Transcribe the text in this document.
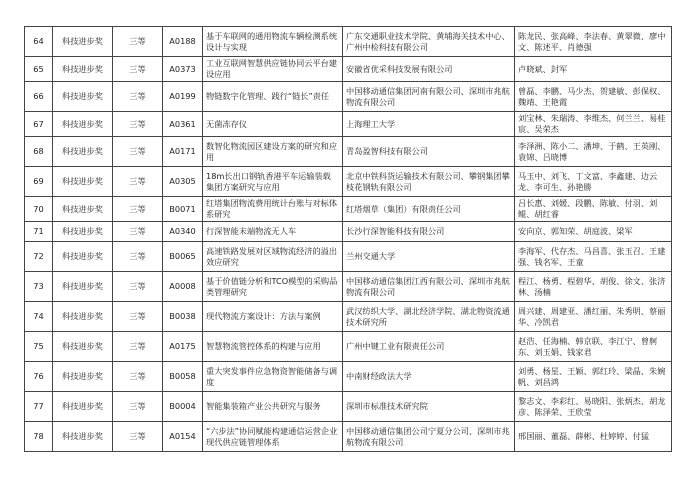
64	科技进步奖	三等	A0188	基于车联网的通用物流车辆检测系统设计与实现	广东交通职业技术学院、黄埔海关技术中心、广州中检科技有限公司	陈龙民、张高峰、李法春、黄翠微、廖中文、陈述平、肖德强
65	科技进步奖	三等	A0373	工业互联网智慧供应链协同云平台建设应用	安徽省优采科技发展有限公司	卢晓斌、封军
66	科技进步奖	三等	A0199	物链数字化管理、践行“链长”责任	中国移动通信集团河南有限公司、深圳市兆航物流有限公司	曾磊、李鹏、马少杰、贺建敏、彭保权、魏靖、王艳霞
67	科技进步奖	三等	A0361	无菌冻存仪	上海理工大学	刘宝林、朱瑞涛、李维杰、何兰兰、易桂宸、吴荣杰
68	科技进步奖	三等	A0171	数智化物流园区建设方案的研究和应用	青岛盈智科技有限公司	李泽洲、陈小二、潘坤、于鹤、王英刚、袁锦、吕晓博
69	科技进步奖	三等	A0305	18m长出口钢轨香港平车运输装载集团方案研究与应用	北京中铁科货运输技术有限公司、攀钢集团攀枝花钢轨有限公司	马玉中、刘飞、丁文富、李鑫建、边云龙、李可生、孙艳勝
70	科技进步奖	三等	B0071	红塔集团物流费用统计台账与对标体系研究	红塔烟草（集团）有限责任公司	吕长惠、刘媛、段鹏、陈敏、付羽、刘鲲、胡红睿
71	科技进步奖	三等	A0340	行深智能末端物流无人车	长沙行深智能科技有限公司	安向京、郭知荣、胡庭波、梁军
72	科技进步奖	三等	B0065	高速铁路发展对区域物流经济的溢出效应研究	兰州交通大学	李海军、代存杰、马昌喜、张玉召、王建强、钱名军、王童
73	科技进步奖	三等	A0008	基于价值链分析和TCO模型的采购品类管理研究	中国移动通信集团江西有限公司、深圳市兆航物流有限公司	程江、杨勇、程碧华、胡俊、徐文、张济林、汤楠
74	科技进步奖	三等	B0038	现代物流方案设计：方法与案例	武汉纺织大学、湖北经济学院、湖北物资流通技术研究所	周兴建、周建亚、潘红丽、朱秀明、蔡丽华、冷凯君
75	科技进步奖	三等	A0175	智慧物流管控体系的构建与应用	广州中键工业有限责任公司	赵浩、任海楠、韩京联、李江宁、曾舸东、刘玉娟、钱家君
76	科技进步奖	三等	B0058	重大突发事件应急物资智能储备与调度	中南财经政法大学	刘勇、杨星、王颖、郭红玲、梁晶、朱婉帆、刘昌鸿
77	科技进步奖	三等	B0004	智能集装箱产业公共研究与服务	深圳市标准技术研究院	黎志文、李彩红、易晓阳、张炳杰、胡龙彦、陈泽荣、王欣莹
78	科技进步奖	三等	A0154	“六步法”协同赋能构建通信运营企业现代供应链管理体系	中国移动通信集团公司宁夏分公司、深圳市兆航物流有限公司	邢国丽、董磊、薛彬、杜婷婷、付猛
